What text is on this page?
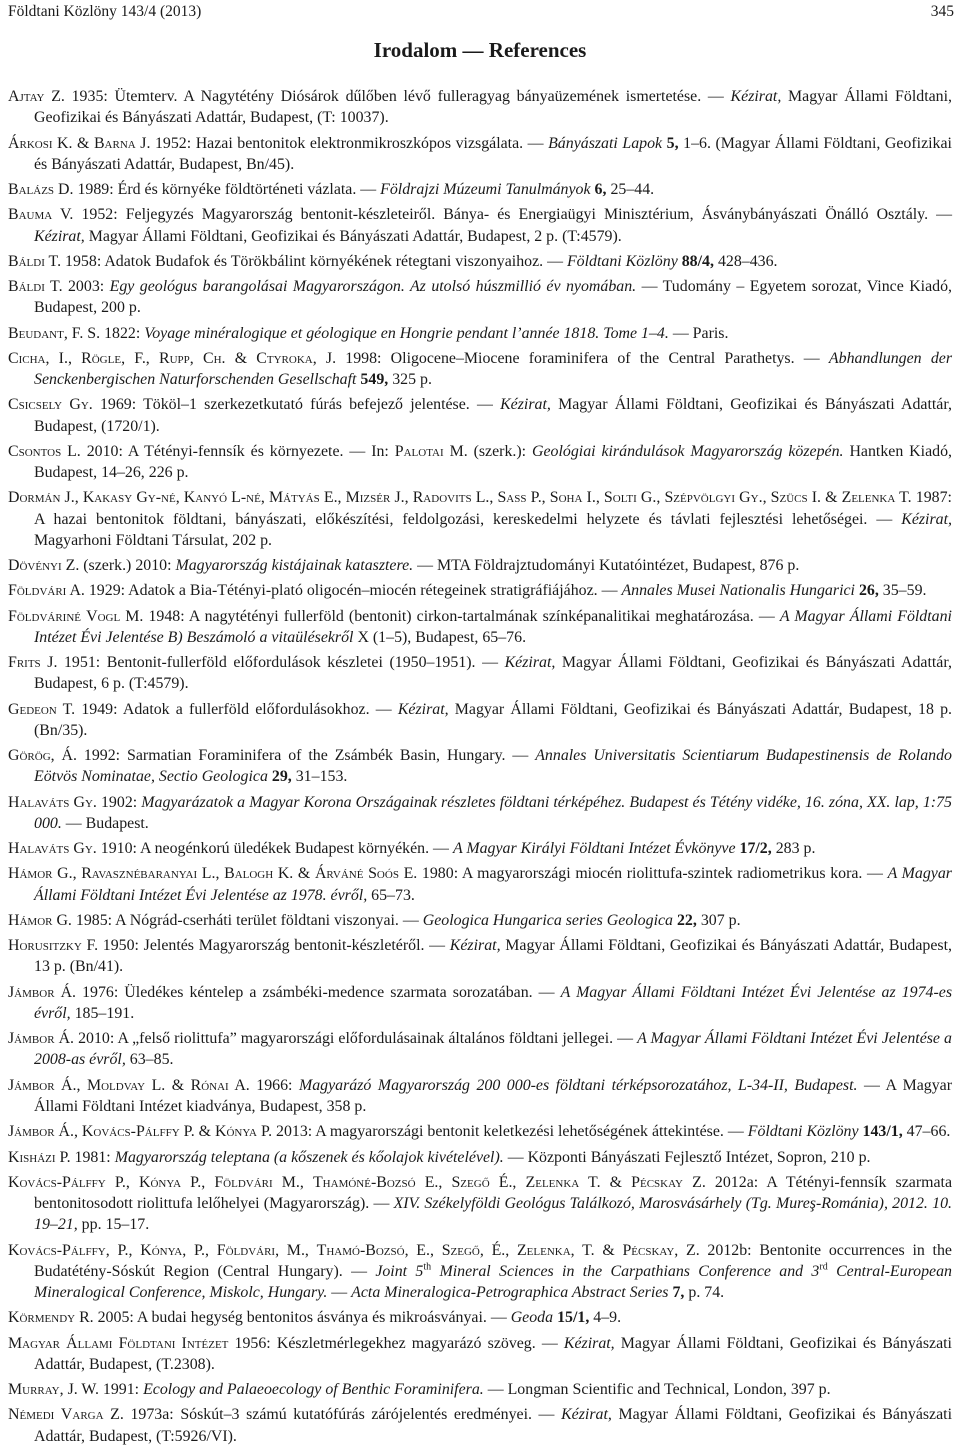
Földtani Közlöny 143/4 (2013)	345
Irodalom — References

Ajtay Z. 1935: Ütemterv. A Nagytétény Diósárok dűlőben lévő fulleragyag bányaüzemének ismertetése. — Kézirat, Magyar Állami Földtani, Geofizikai és Bányászati Adattár, Budapest, (T: 10037).

Árkosi K. & Barna J. 1952: Hazai bentonitok elektronmikroszkópos vizsgálata. — Bányászati Lapok 5, 1–6. (Magyar Állami Földtani, Geofizikai és Bányászati Adattár, Budapest, Bn/45).

Balázs D. 1989: Érd és környéke földtörténeti vázlata. — Földrajzi Múzeumi Tanulmányok 6, 25–44.

Bauma V. 1952: Feljegyzés Magyarország bentonit-készleteiről. Bánya- és Energiaügyi Minisztérium, Ásványbányászati Önálló Osztály. — Kézirat, Magyar Állami Földtani, Geofizikai és Bányászati Adattár, Budapest, 2 p. (T:4579).

Báldi T. 1958: Adatok Budafok és Törökbálint környékének rétegtani viszonyaihoz. — Földtani Közlöny 88/4, 428–436.

Báldi T. 2003: Egy geológus barangolásai Magyarországon. Az utolsó húszmillió év nyomában. — Tudomány – Egyetem sorozat, Vince Kiadó, Budapest, 200 p.

Beudant, F. S. 1822: Voyage minéralogique et géologique en Hongrie pendant l’année 1818. Tome 1–4. — Paris.

Cicha, I., Rögle, F., Rupp, Ch. & Ctyroka, J. 1998: Oligocene–Miocene foraminifera of the Central Parathetys. — Abhandlungen der Senckenbergischen Naturforschenden Gesellschaft 549, 325 p.

Csicsely Gy. 1969: Tököl–1 szerkezetkutató fúrás befejező jelentése. — Kézirat, Magyar Állami Földtani, Geofizikai és Bányászati Adattár, Budapest, (1720/1).

Csontos L. 2010: A Tétényi-fennsík és környezete. — In: Palotai M. (szerk.): Geológiai kirándulások Magyarország közepén. Hantken Kiadó, Budapest, 14–26, 226 p.

Dormán J., Kakasy Gy-né, Kanyó L-né, Mátyás E., Mizsér J., Radovits L., Sass P., Soha I., Solti G., Szépvölgyi Gy., Szücs I. & Zelenka T. 1987: A hazai bentonitok földtani, bányászati, előkészítési, feldolgozási, kereskedelmi helyzete és távlati fejlesztési lehetőségei. — Kézirat, Magyarhoni Földtani Társulat, 202 p.

Dövényi Z. (szerk.) 2010: Magyarország kistájainak katasztere. — MTA Földrajztudományi Kutatóintézet, Budapest, 876 p.

Földvári A. 1929: Adatok a Bia-Tétényi-plató oligocén–miocén rétegeinek stratigráfiájához. — Annales Musei Nationalis Hungarici 26, 35–59.

Földváriné Vogl M. 1948: A nagytétényi fullerföld (bentonit) cirkon-tartalmának színképanalitikai meghatározása. — A Magyar Állami Földtani Intézet Évi Jelentése B) Beszámoló a vitaülésekről X (1–5), Budapest, 65–76.

Frits J. 1951: Bentonit-fullerföld előfordulások készletei (1950–1951). — Kézirat, Magyar Állami Földtani, Geofizikai és Bányászati Adattár, Budapest, 6 p. (T:4579).

Gedeon T. 1949: Adatok a fullerföld előfordulásokhoz. — Kézirat, Magyar Állami Földtani, Geofizikai és Bányászati Adattár, Budapest, 18 p. (Bn/35).

Görög, Á. 1992: Sarmatian Foraminifera of the Zsámbék Basin, Hungary. — Annales Universitatis Scientiarum Budapestinensis de Rolando Eötvös Nominatae, Sectio Geologica 29, 31–153.

Halaváts Gy. 1902: Magyarázatok a Magyar Korona Országainak részletes földtani térképéhez. Budapest és Tétény vidéke, 16. zóna, XX. lap, 1:75 000. — Budapest.

Halaváts Gy. 1910: A neogénkorú üledékek Budapest környékén. — A Magyar Királyi Földtani Intézet Évkönyve 17/2, 283 p.

Hámor G., Ravasznébaranyai L., Balogh K. & Árváné Soós E. 1980: A magyarországi miocén riolittufa-szintek radiometrikus kora. — A Magyar Állami Földtani Intézet Évi Jelentése az 1978. évről, 65–73.

Hámor G. 1985: A Nógrád-cserháti terület földtani viszonyai. — Geologica Hungarica series Geologica 22, 307 p.

Horusitzky F. 1950: Jelentés Magyarország bentonit-készletéről. — Kézirat, Magyar Állami Földtani, Geofizikai és Bányászati Adattár, Budapest, 13 p. (Bn/41).

Jámbor Á. 1976: Üledékes kéntelep a zsámbéki-medence szarmata sorozatában. — A Magyar Állami Földtani Intézet Évi Jelentése az 1974-es évről, 185–191.

Jámbor Á. 2010: A „felső riolittufa” magyarországi előfordulásainak általános földtani jellegei. — A Magyar Állami Földtani Intézet Évi Jelentése a 2008-as évről, 63–85.

Jámbor Á., Moldvay L. & Rónai A. 1966: Magyarázó Magyarország 200 000-es földtani térképsorozatához, L-34-II, Budapest. — A Magyar Állami Földtani Intézet kiadványa, Budapest, 358 p.

Jámbor Á., Kovács-Pálffy P. & Kónya P. 2013: A magyarországi bentonit keletkezési lehetőségének áttekintése. — Földtani Közlöny 143/1, 47–66.

Kisházi P. 1981: Magyarország teleptana (a kőszenek és kőolajok kivételével). — Központi Bányászati Fejlesztő Intézet, Sopron, 210 p.

Kovács-Pálffy P., Kónya P., Földvári M., Thamóné-Bozsó E., Szegő É., Zelenka T. & Pécskay Z. 2012a: A Tétényi-fennsík szarmata bentonitosodott riolittufa lelőhelyei (Magyarország). — XIV. Székelyföldi Geológus Találkozó, Marosvásárhely (Tg. Mureş-Románia), 2012. 10. 19–21, pp. 15–17.

Kovács-Pálffy, P., Kónya, P., Földvári, M., Thamó-Bozsó, E., Szegő, É., Zelenka, T. & Pécskay, Z. 2012b: Bentonite occurrences in the Budatétény-Sóskút Region (Central Hungary). — Joint 5th Mineral Sciences in the Carpathians Conference and 3rd Central-European Mineralogical Conference, Miskolc, Hungary. — Acta Mineralogica-Petrographica Abstract Series 7, p. 74.

Körmendy R. 2005: A budai hegység bentonitos ásványa és mikroásványai. — Geoda 15/1, 4–9.

Magyar Állami Földtani Intézet 1956: Készletmérlegekhez magyarázó szöveg. — Kézirat, Magyar Állami Földtani, Geofizikai és Bányászati Adattár, Budapest, (T.2308).

Murray, J. W. 1991: Ecology and Palaeoecology of Benthic Foraminifera. — Longman Scientific and Technical, London, 397 p.

Némedi Varga Z. 1973a: Sóskút–3 számú kutatófúrás zárójelentés eredményei. — Kézirat, Magyar Állami Földtani, Geofizikai és Bányászati Adattár, Budapest, (T:5926/VI).
